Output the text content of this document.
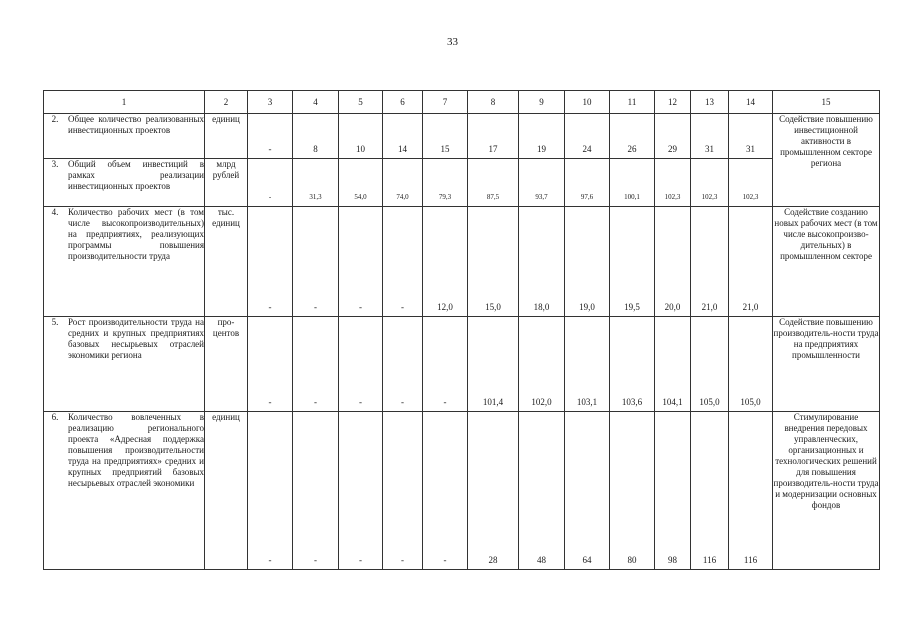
33
1	2	3	4	5	6	7	8	9	10	11	12	13	14	15

2. Общее количество реализованных инвестиционных проектов	единиц	-	8	10	14	15	17	19	24	26	29	31	31	Содействие повышению инвестиционной активности в промышленном секторе региона

3. Общий объем инвестиций в рамках реализации инвестиционных проектов	млрд рублей	-	31,3	54,0	74,0	79,3	87,5	93,7	97,6	100,1	102,3	102,3	102,3	

4. Количество рабочих мест (в том числе высокопроизводительных) на предприятиях, реализующих программы повышения производительности труда	тыс. единиц	-	-	-	-	12,0	15,0	18,0	19,0	19,5	20,0	21,0	21,0	Содействие созданию новых рабочих мест (в том числе высокопроизво-дительных) в промышленном секторе

5. Рост производительности труда на средних и крупных предприятиях базовых несырьевых отраслей экономики региона	про-центов	-	-	-	-	-	101,4	102,0	103,1	103,6	104,1	105,0	105,0	Содействие повышению производитель-ности труда на предприятиях промышленности

6. Количество вовлеченных в реализацию регионального проекта «Адресная поддержка повышения производительности труда на предприятиях» средних и крупных предприятий базовых несырьевых отраслей экономики	единиц	-	-	-	-	-	28	48	64	80	98	116	116	Стимулирование внедрения передовых управленческих, организационных и технологических решений для повышения производитель-ности труда и модернизации основных фондов
